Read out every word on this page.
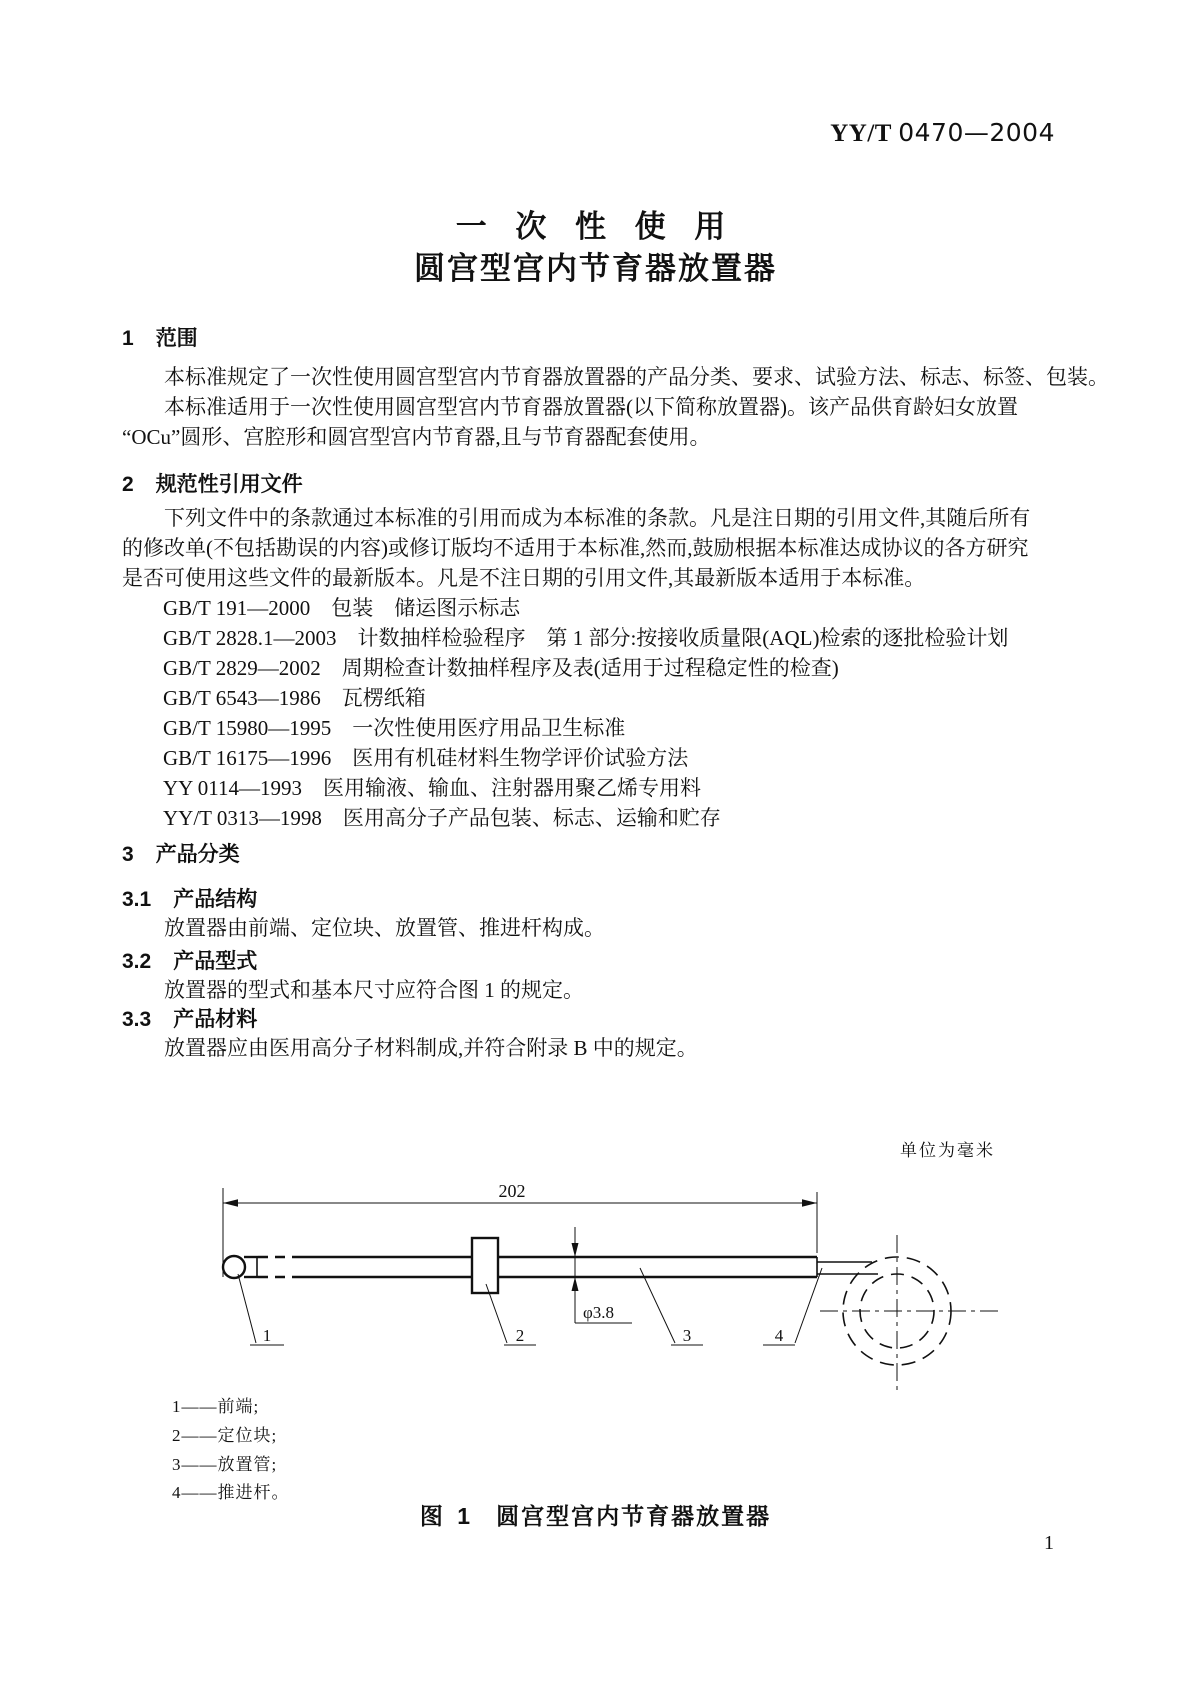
YY/T 0470—2004
一 次 性 使 用
圆宫型宫内节育器放置器
1 范围
本标准规定了一次性使用圆宫型宫内节育器放置器的产品分类、要求、试验方法、标志、标签、包装。
本标准适用于一次性使用圆宫型宫内节育器放置器(以下简称放置器)。该产品供育龄妇女放置
“OCu”圆形、宫腔形和圆宫型宫内节育器,且与节育器配套使用。
2 规范性引用文件
下列文件中的条款通过本标准的引用而成为本标准的条款。凡是注日期的引用文件,其随后所有
的修改单(不包括勘误的内容)或修订版均不适用于本标准,然而,鼓励根据本标准达成协议的各方研究
是否可使用这些文件的最新版本。凡是不注日期的引用文件,其最新版本适用于本标准。
GB/T 191—2000　包装　储运图示标志
GB/T 2828.1—2003　计数抽样检验程序　第 1 部分:按接收质量限(AQL)检索的逐批检验计划
GB/T 2829—2002　周期检查计数抽样程序及表(适用于过程稳定性的检查)
GB/T 6543—1986　瓦楞纸箱
GB/T 15980—1995　一次性使用医疗用品卫生标准
GB/T 16175—1996　医用有机硅材料生物学评价试验方法
YY 0114—1993　医用输液、输血、注射器用聚乙烯专用料
YY/T 0313—1998　医用高分子产品包装、标志、运输和贮存
3 产品分类
3.1 产品结构
放置器由前端、定位块、放置管、推进杆构成。
3.2 产品型式
放置器的型式和基本尺寸应符合图 1 的规定。
3.3 产品材料
放置器应由医用高分子材料制成,并符合附录 B 中的规定。
单位为毫米
202
φ3.8
1	2	3	4
1——前端;
2——定位块;
3——放置管;
4——推进杆。
图 1 圆宫型宫内节育器放置器
1
